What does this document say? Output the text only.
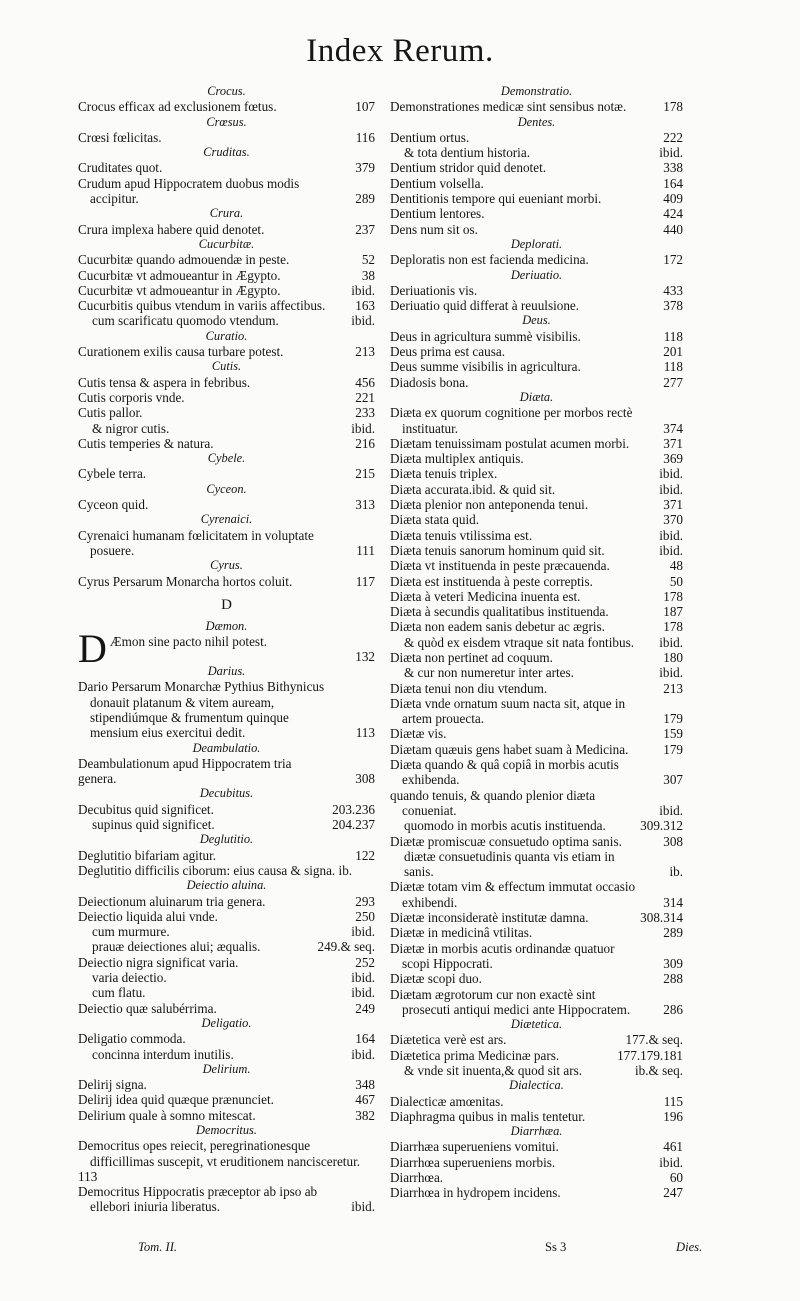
Index Rerum.
Crocus.
Crocus efficax ad exclusionem fœtus.	107
Crœsus.
Crœsi fœlicitas.	116
Cruditas.
Cruditates quot.	379
Crudum apud Hippocratem duobus modis accipitur.	289
Crura.
Crura implexa habere quid denotet.	237
Cucurbitæ.
Cucurbitæ quando admouendæ in peste.	52
Cucurbitæ vt admoueantur in Ægypto.	38
Cucurbitæ vt admoueantur in Ægypto.	ibid.
Cucurbitis quibus vtendum in variis affectibus. 163
cum scarificatu quomodo vtendum.	ibid.
Curatio.
Curationem exilis causa turbare potest.	213
Cutis.
Cutis tensa & aspera in febribus.	456
Cutis corporis vnde.	221
Cutis pallor.	233
& nigror cutis.	ibid.
Cutis temperies & natura.	216
Cybele.
Cybele terra.	215
Cyceon.
Cyceon quid.	313
Cyrenaici.
Cyrenaici humanam fœlicitatem in voluptate posuere.	111
Cyrus.
Cyrus Persarum Monarcha hortos coluit.	117
D
Dæmon.
D Æmon sine pacto nihil potest.
132
Darius.
Dario Persarum Monarchæ Pythius Bithynicus donauit platanum & vitem auream, stipendiúmque & frumentum quinque mensium eius exercitui dedit.	113
Deambulatio.
Deambulationum apud Hippocratem tria genera.	308
Decubitus.
Decubitus quid significet.	203.236
supinus quid significet.	204.237
Deglutitio.
Deglutitio bifariam agitur.	122
Deglutitio difficilis ciborum: eius causa & signa. ib.
Deiectio aluina.
Deiectionum aluinarum tria genera.	293
Deiectio liquida alui vnde.	250
cum murmure.	ibid.
prauæ deiectiones alui; æqualis.	249.& seq.
Deiectio nigra significat varia.	252
varia deiectio.	ibid.
cum flatu.	ibid.
Deiectio quæ salubérrima.	249
Deligatio.
Deligatio commoda.	164
concinna interdum inutilis.	ibid.
Delirium.
Delirij signa.	348
Delirij idea quid quæque prænunciet.	467
Delirium quale à somno mitescat.	382
Democritus.
Democritus opes reiecit, peregrinationesque difficillimas suscepit, vt eruditionem nancisceretur.
113
Democritus Hippocratis præceptor ab ipso ab ellebori iniuria liberatus.	ibid.
Demonstratio.
Demonstrationes medicæ sint sensibus notæ.	178
Dentes.
Dentium ortus.	222
& tota dentium historia.	ibid.
Dentium stridor quid denotet.	338
Dentium volsella.	164
Dentitionis tempore qui eueniant morbi.	409
Dentium lentores.	424
Dens num sit os.	440
Deplorati.
Deploratis non est facienda medicina.	172
Deriuatio.
Deriuationis vis.	433
Deriuatio quid differat à reuulsione.	378
Deus.
Deus in agricultura summè visibilis.	118
Deus prima est causa.	201
Deus summe visibilis in agricultura.	118
Diadosis bona.	277
Diæta.
Diæta ex quorum cognitione per morbos rectè instituatur.	374
Diætam tenuissimam postulat acumen morbi.	371
Diæta multiplex antiquis.	369
Diæta tenuis triplex.	ibid.
Diæta accurata.ibid. & quid sit.	ibid.
Diæta plenior non anteponenda tenui.	371
Diæta stata quid.	370
Diæta tenuis vtilissima est.	ibid.
Diæta tenuis sanorum hominum quid sit.	ibid.
Diæta vt instituenda in peste præcauenda.	48
Diæta est instituenda à peste correptis.	50
Diæta à veteri Medicina inuenta est.	178
Diæta à secundis qualitatibus instituenda.	187
Diæta non eadem sanis debetur ac ægris.	178
& quòd ex eisdem vtraque sit nata fontibus. ibid.
Diæta non pertinet ad coquum.	180
& cur non numeretur inter artes.	ibid.
Diæta tenui non diu vtendum.	213
Diæta vnde ornatum suum nacta sit, atque in artem prouecta.	179
Diætæ vis.	159
Diætam quæuis gens habet suam à Medicina.	179
Diæta quando & quâ copiâ in morbis acutis exhibenda.	307
quando tenuis, & quando plenior diæta conueniat.	ibid.
quomodo in morbis acutis instituenda.	309.312
Diætæ promiscuæ consuetudo optima sanis.	308
diætæ consuetudinis quanta vis etiam in sanis.	ib.
Diætæ totam vim & effectum immutat occasio exhibendi.	314
Diætæ inconsideratè institutæ damna.	308.314
Diætæ in medicinâ vtilitas.	289
Diætæ in morbis acutis ordinandæ quatuor scopi Hippocrati.	309
Diætæ scopi duo.	288
Diætam ægrotorum cur non exactè sint prosecuti antiqui medici ante Hippocratem.	286
Diætetica.
Diætetica verè est ars.	177.& seq.
Diætetica prima Medicinæ pars.	177.179.181
& vnde sit inuenta,& quod sit ars.	ib.& seq.
Dialectica.
Dialecticæ amœnitas.	115
Diaphragma quibus in malis tentetur.	196
Diarrhæa.
Diarrhæa superueniens vomitui.	461
Diarrhœa superueniens morbis.	ibid.
Diarrhœa.	60
Diarrhœa in hydropem incidens.	247
Tom. II.	Ss 3	Dies.
